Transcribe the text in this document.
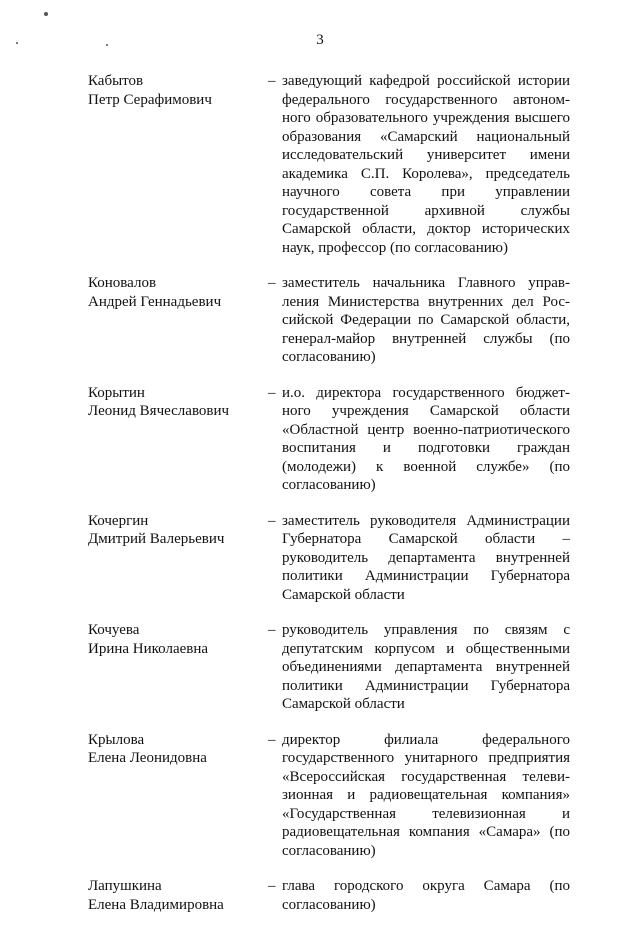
3
Кабытов
Петр Серафимович
– заведующий кафедрой российской истории федерального государственного автономного образовательного учреждения высшего образования «Самарский национальный исследовательский университет имени академика С.П. Королева», председатель научного совета при управлении государственной архивной службы Самарской области, доктор исторических наук, профессор (по согласованию)
Коновалов
Андрей Геннадьевич
– заместитель начальника Главного управления Министерства внутренних дел Российской Федерации по Самарской области, генерал-майор внутренней службы (по согласованию)
Корытин
Леонид Вячеславович
– и.о. директора государственного бюджетного учреждения Самарской области «Областной центр военно-патриотического воспитания и подготовки граждан (молодежи) к военной службе» (по согласованию)
Кочергин
Дмитрий Валерьевич
– заместитель руководителя Администрации Губернатора Самарской области – руководитель департамента внутренней политики Администрации Губернатора Самарской области
Кочуева
Ирина Николаевна
– руководитель управления по связям с депутатским корпусом и общественными объединениями департамента внутренней политики Администрации Губернатора Самарской области
Крылова
Елена Леонидовна
– директор филиала федерального государственного унитарного предприятия «Всероссийская государственная телевизионная и радиовещательная компания» «Государственная телевизионная и радиовещательная компания «Самара» (по согласованию)
Лапушкина
Елена Владимировна
– глава городского округа Самара (по согласованию)
